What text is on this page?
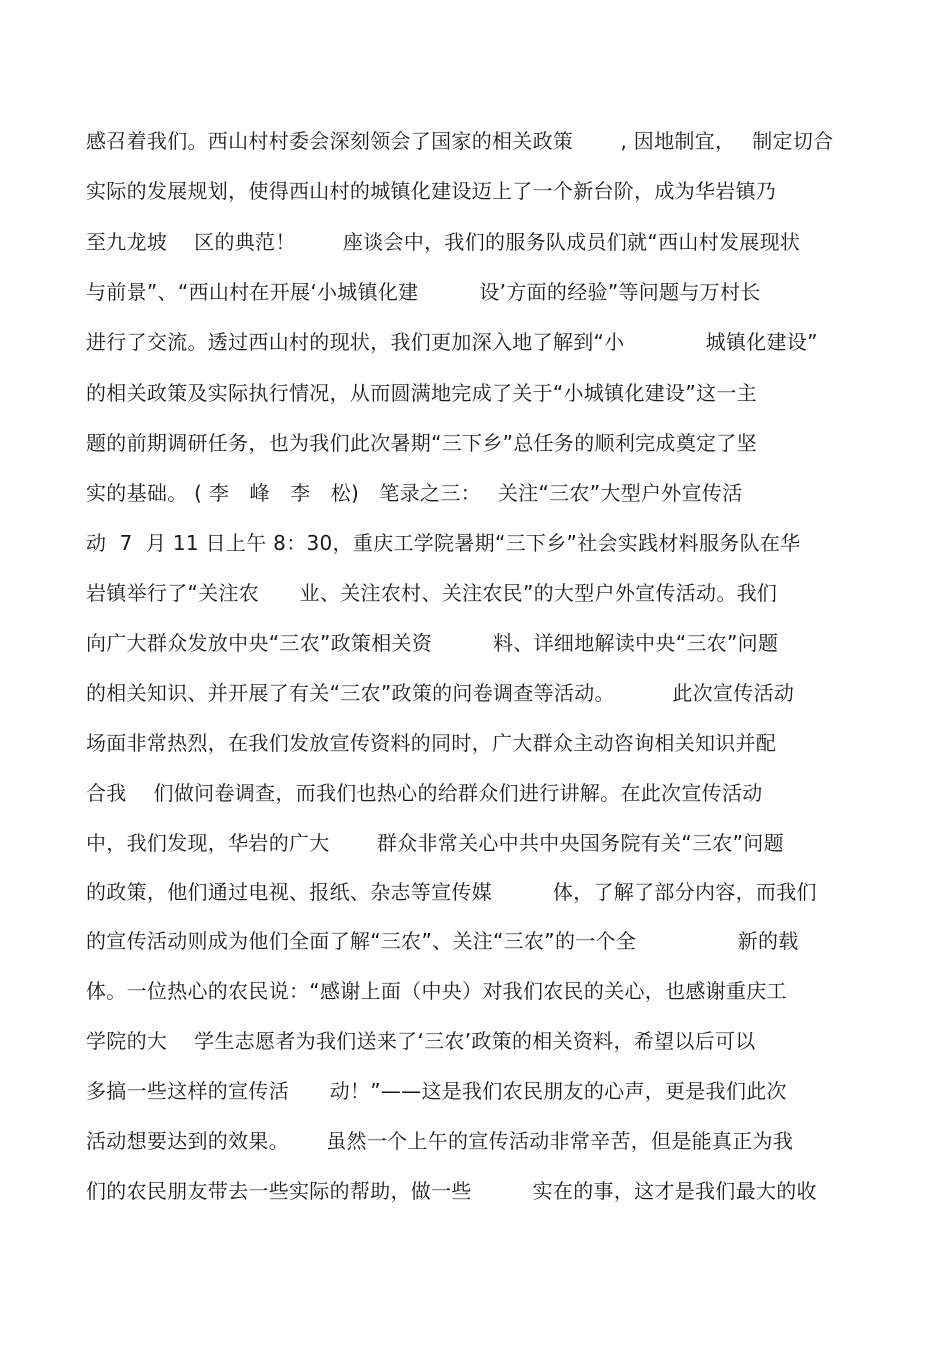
感召着我们。西山村村委会深刻领会了国家的相关政策　　 , 因地制宜，　 制定切合
实际的发展规划，使得西山村的城镇化建设迈上了一个新台阶，成为华岩镇乃
至九龙坡　 区的典范！　　 座谈会中，我们的服务队成员们就“西山村发展现状
与前景”、“西山村在开展‘小城镇化建　　　设’方面的经验”等问题与万村长
进行了交流。透过西山村的现状，我们更加深入地了解到“小　　　　城镇化建设”
的相关政策及实际执行情况，从而圆满地完成了关于“小城镇化建设”这一主
题的前期调研任务，也为我们此次暑期“三下乡”总任务的顺利完成奠定了坚
实的基础。 ( 李　峰　李　松)　笔录之三：　 关注“三农”大型户外宣传活
动  7  月 11 日上午 8：30，重庆工学院暑期“三下乡”社会实践材料服务队在华
岩镇举行了“关注农　　业、关注农村、关注农民”的大型户外宣传活动。我们
向广大群众发放中央“三农”政策相关资　　　料、详细地解读中央“三农”问题
的相关知识、并开展了有关“三农”政策的问卷调查等活动。　　　 此次宣传活动
场面非常热烈，在我们发放宣传资料的同时，广大群众主动咨询相关知识并配
合我　 们做问卷调查，而我们也热心的给群众们进行讲解。在此次宣传活动
中，我们发现，华岩的广大　　 群众非常关心中共中央国务院有关“三农”问题
的政策，他们通过电视、报纸、杂志等宣传媒　　　体，了解了部分内容，而我们
的宣传活动则成为他们全面了解“三农”、关注“三农”的一个全　　　　　新的载
体。一位热心的农民说：“感谢上面（中央）对我们农民的关心，也感谢重庆工
学院的大　 学生志愿者为我们送来了‘三农’政策的相关资料，希望以后可以
多搞一些这样的宣传活　　动！”——这是我们农民朋友的心声，更是我们此次
活动想要达到的效果。　　 虽然一个上午的宣传活动非常辛苦，但是能真正为我
们的农民朋友带去一些实际的帮助，做一些　　　实在的事，这才是我们最大的收
